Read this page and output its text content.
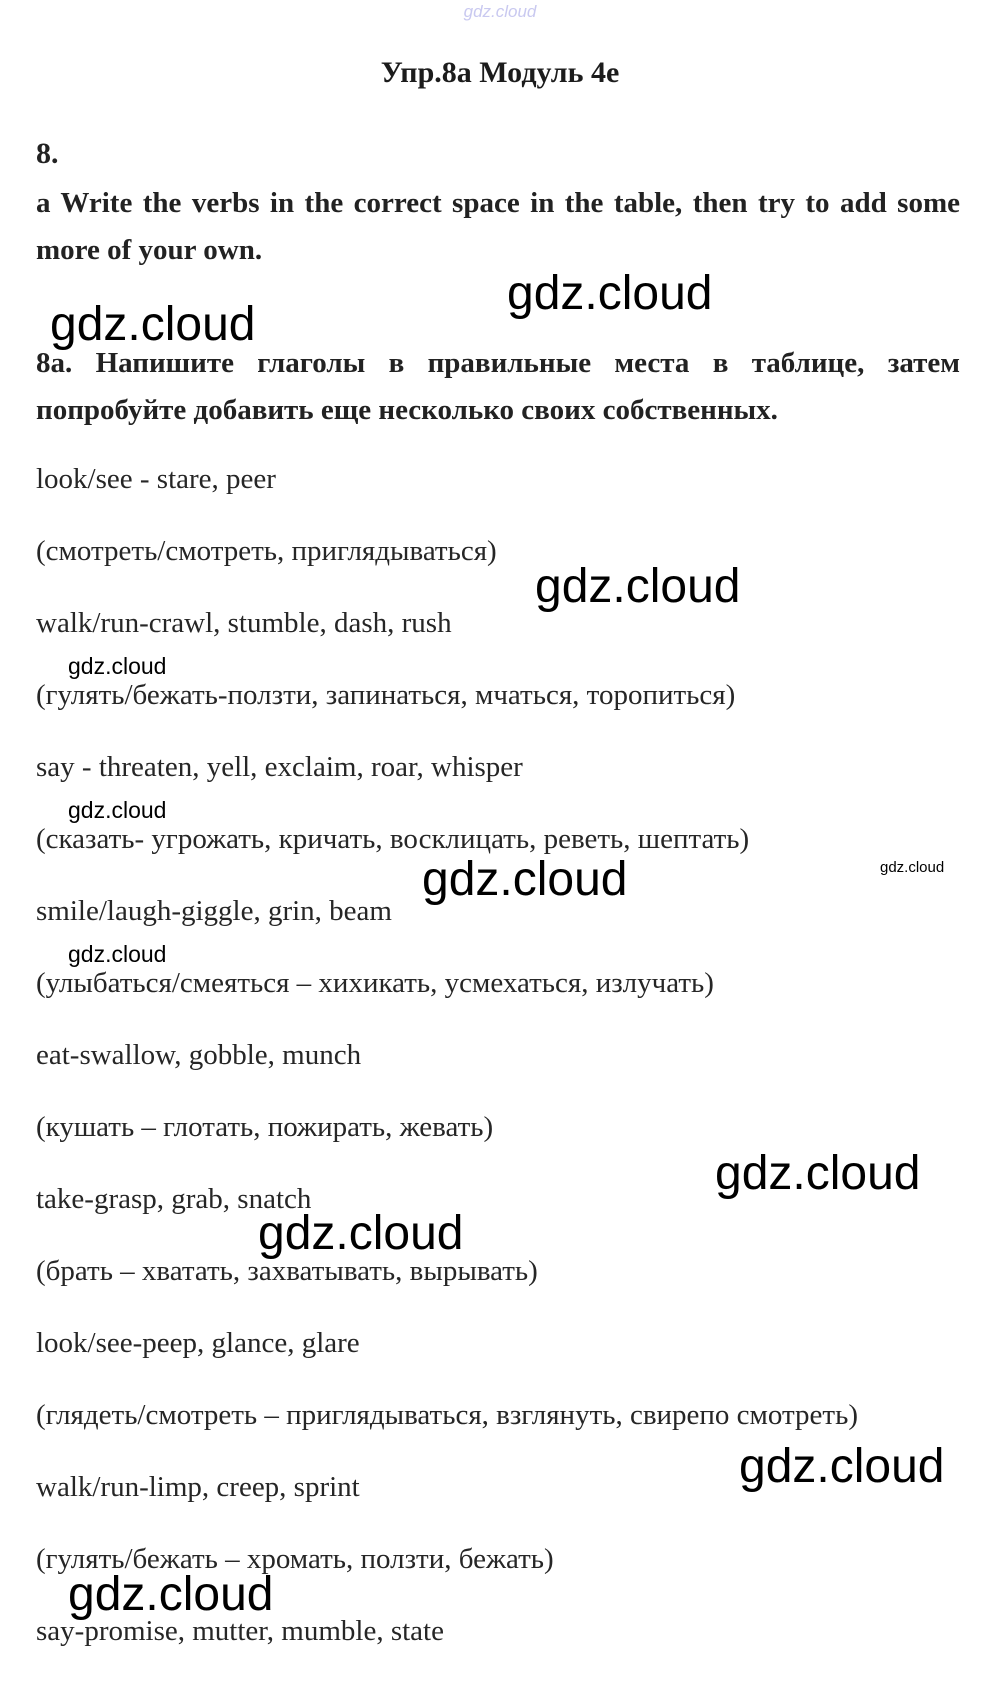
gdz.cloud
Упр.8а Модуль 4е
8.
a Write the verbs in the correct space in the table, then try to add some more of your own.
8а. Напишите глаголы в правильные места в таблице, затем попробуйте добавить еще несколько своих собственных.
look/see - stare, peer
(смотреть/смотреть, приглядываться)
walk/run-crawl, stumble, dash, rush
(гулять/бежать-ползти, запинаться, мчаться, торопиться)
say - threaten, yell, exclaim, roar, whisper
(сказать- угрожать, кричать, восклицать, реветь, шептать)
smile/laugh-giggle, grin, beam
(улыбаться/смеяться – хихикать, усмехаться, излучать)
eat-swallow, gobble, munch
(кушать – глотать, пожирать, жевать)
take-grasp, grab, snatch
(брать – хватать, захватывать, вырывать)
look/see-peep, glance, glare
(глядеть/смотреть – приглядываться, взглянуть, свирепо смотреть)
walk/run-limp, creep, sprint
(гулять/бежать – хромать, ползти, бежать)
say-promise, mutter, mumble, state
gdz.cloud
gdz.cloud
gdz.cloud
gdz.cloud
gdz.cloud
gdz.cloud
gdz.cloud
gdz.cloud
gdz.cloud
gdz.cloud
gdz.cloud
gdz.cloud
